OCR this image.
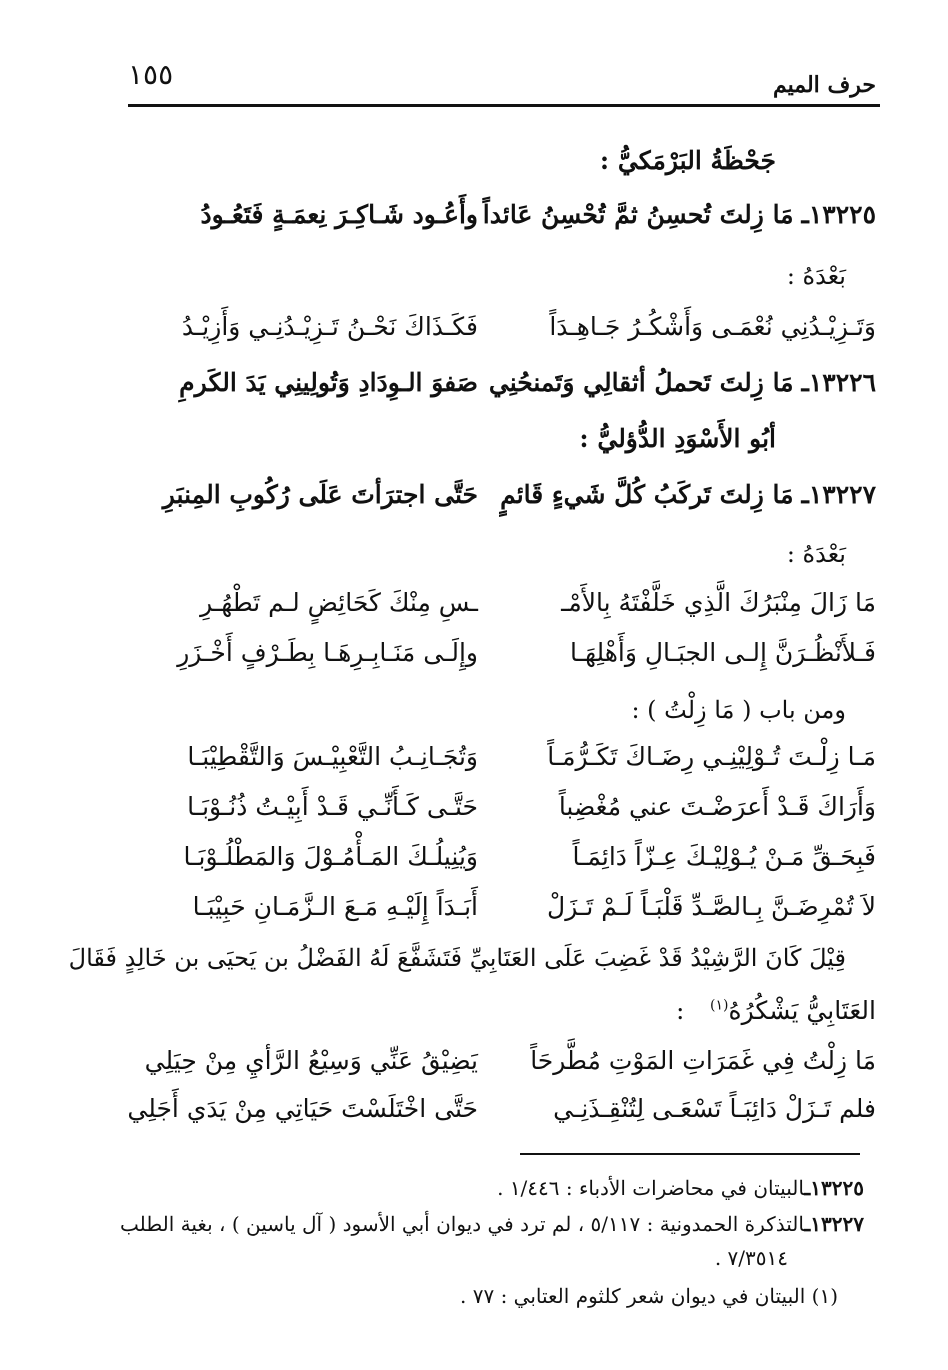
حرف الميم
١٥٥
جَحْظَةُ البَرْمَكيُّ :
١٣٢٢٥ـ مَا زِلتَ تُحسِنُ ثمَّ تُحْسِنُ عَائداً
وأَعُـود شَـاكِـرَ نِعمَـةٍ فَتَعُـودُ
بَعْدَهُ :
وَتَـزِيْـدُنِي نُعْمَـى وَأَشْكُـرُ جَـاهِـدَاً
فَكَـذَاكَ نَحْـنُ تَـزِيْـدُنِـي وَأَزِيْـدُ
١٣٢٢٦ـ مَا زِلتَ تَحملُ أثقالِي وَتَمنحُنِي
صَفوَ الـوِدَادِ وَتُولِينِي يَدَ الكَرمِ
أبُو الأَسْوَدِ الدُّؤليُّ :
١٣٢٢٧ـ مَا زِلتَ تَركَبُ كُلَّ شَيءٍ قَائمٍ
حَتَّى اجترَأتَ عَلَى رُكُوبِ المِنبَرِ
بَعْدَهُ :
مَا زَالَ مِنْبَرُكَ الَّذِي خَلَّفْتَهُ بِالأَمْـ
ـسِ مِنْكَ كَحَائِضٍ لـم تَطْهُـرِ
فَـلأَنْظُـرَنَّ إِلـى الجبَـالِ وَأَهْلِهَـا
وإِلَـى مَنَـابِـرِهَـا بِطَـرْفٍ أَخْـزَرِ
ومن باب ( مَا زِلْتُ ) :
مَـا زِلْـتَ تُـوْلِيْنِـي رِضَـاكَ تَكَـرُّمَـاً
وَتُجَـانِـبُ التَّعْبِيْـسَ وَالتَّقْطِيْبَـا
وَأَرَاكَ قَـدْ أَعرَضْـتَ عني مُغْضِباً
حَتَّـى كَـأَنِّـي قَـدْ أَبِيْـتُ ذُنُـوْبَـا
فَبِحَـقِّ مَـنْ يُـوْلِيْـكَ عِـزّاً دَائِمَـاً
وَيُنِيلُـكَ المَـأْمُـوْلَ وَالمَطْلُـوْبَـا
لاَ تُمْرِضَـنَّ بِـالصَّـدِّ قَلْبَـاً لَـمْ تَـزَلْ
أَبَـدَاً إِلَيْـهِ مَـعَ الـزَّمَـانِ حَبِيْبَـا
قِيْلَ كَانَ الرَّشِيْدُ قَدْ غَضِبَ عَلَى العَتَابِيِّ فَتَشَفَّعَ لَهُ الفَضْلُ بن يَحيَى بن خَالِدٍ فَقَالَ
العَتَابِيُّ يَشْكُرُهُ$^{(١)}$
:
مَا زِلْتُ فِي غَمَرَاتِ المَوْتِ مُطَّرحَاً
يَضِيْقُ عَنِّي وَسِيْعُ الرَّأيِ مِنْ حِيَلِي
فلم تَـزَلْ دَائِبَـاً تَسْعَـى لِتُنْقِـذَنِـي
حَتَّى اخْتَلَسْتَ حَيَاتِي مِنْ يَدَي أَجَلِي
١٣٢٢٥ـالبيتان في محاضرات الأدباء : ١/٤٤٦ .
١٣٢٢٧ـالتذكرة الحمدونية : ٥/١١٧ ، لم ترد في ديوان أبي الأسود ( آل ياسين ) ، بغية الطلب
٧/٣٥١٤ .
(١) البيتان في ديوان شعر كلثوم العتابي : ٧٧ .
